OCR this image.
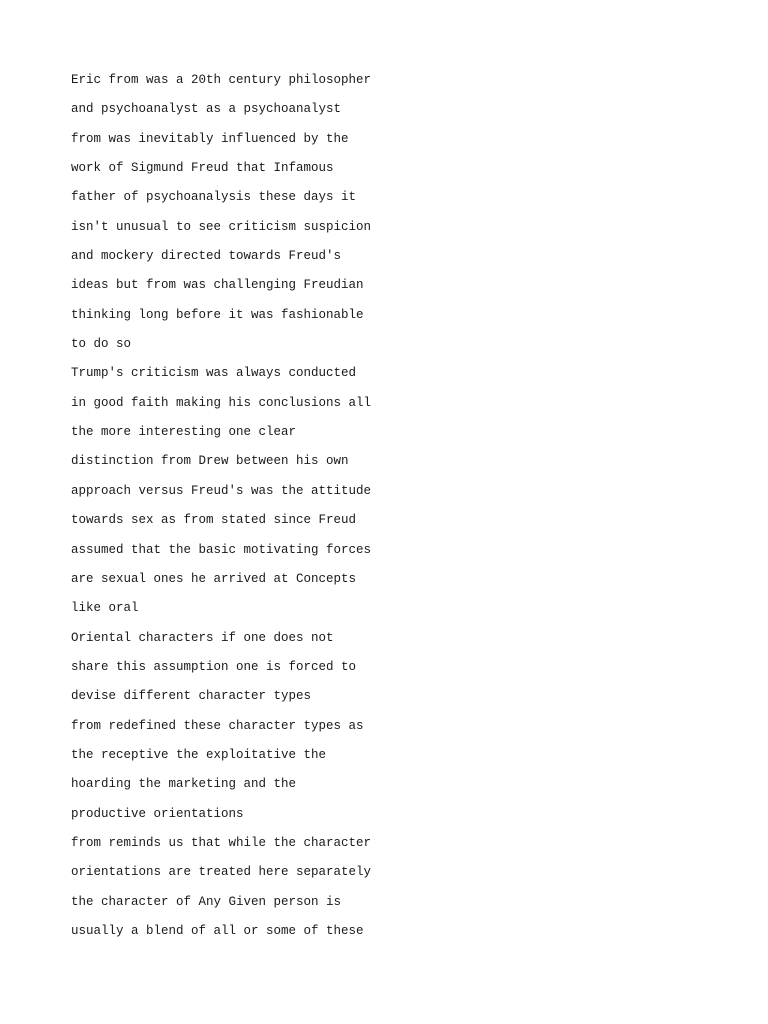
Eric from was a 20th century philosopher
and psychoanalyst as a psychoanalyst
from was inevitably influenced by the
work of Sigmund Freud that Infamous
father of psychoanalysis these days it
isn't unusual to see criticism suspicion
and mockery directed towards Freud's
ideas but from was challenging Freudian
thinking long before it was fashionable
to do so
Trump's criticism was always conducted
in good faith making his conclusions all
the more interesting one clear
distinction from Drew between his own
approach versus Freud's was the attitude
towards sex as from stated since Freud
assumed that the basic motivating forces
are sexual ones he arrived at Concepts
like oral
Oriental characters if one does not
share this assumption one is forced to
devise different character types
from redefined these character types as
the receptive the exploitative the
hoarding the marketing and the
productive orientations
from reminds us that while the character
orientations are treated here separately
the character of Any Given person is
usually a blend of all or some of these
